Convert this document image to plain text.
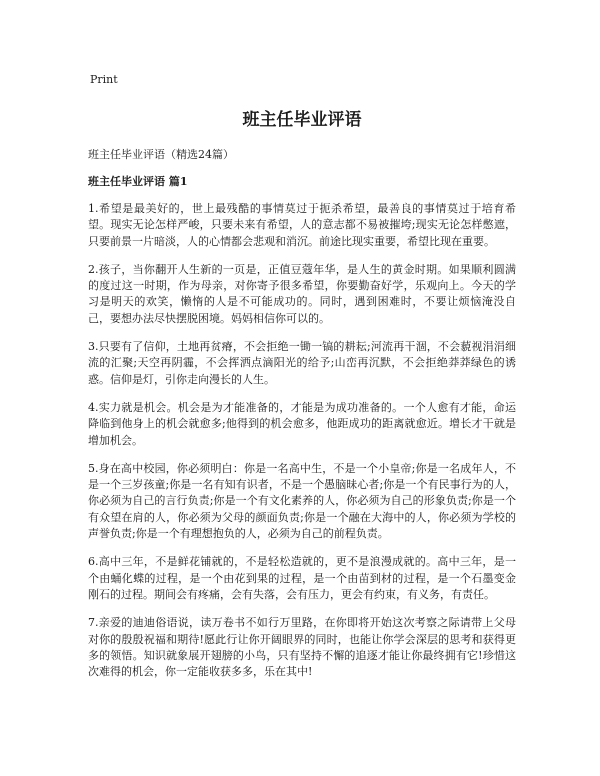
Print
班主任毕业评语
班主任毕业评语（精选24篇）
班主任毕业评语 篇1

1.希望是最美好的，世上最残酷的事情莫过于扼杀希望，最善良的事情莫过于培育希望。现实无论怎样严峻，只要未来有希望，人的意志都不易被摧垮;现实无论怎样憋遮，只要前景一片暗淡，人的心情都会悲观和消沉。前途比现实重要，希望比现在重要。

2.孩子，当你翻开人生新的一页是，正值豆蔻年华，是人生的黄金时期。如果顺利圆满的度过这一时期，作为母亲，对你寄予很多希望，你要勤奋好学，乐观向上。今天的学习是明天的欢笑，懒惰的人是不可能成功的。同时，遇到困难时，不要让烦恼淹没自己，要想办法尽快摆脱困境。妈妈相信你可以的。

3.只要有了信仰，土地再贫瘠，不会拒绝一锄一镐的耕耘;河流再干涸，不会藐视涓涓细流的汇聚;天空再阴霾，不会挥洒点滴阳光的给予;山峦再沉默，不会拒绝莽莽绿色的诱惑。信仰是灯，引你走向漫长的人生。

4.实力就是机会。机会是为才能准备的，才能是为成功准备的。一个人愈有才能，命运降临到他身上的机会就愈多;他得到的机会愈多，他距成功的距离就愈近。增长才干就是增加机会。

5.身在高中校园，你必须明白：你是一名高中生，不是一个小皇帝;你是一名成年人，不是一个三岁孩童;你是一名有知有识者，不是一个愚脑昧心者;你是一个有民事行为的人，你必须为自己的言行负责;你是一个有文化素养的人，你必须为自己的形象负责;你是一个有众望在肩的人，你必须为父母的颜面负责;你是一个融在大海中的人，你必须为学校的声誉负责;你是一个有理想抱负的人，必须为自己的前程负责。

6.高中三年，不是鲜花铺就的，不是轻松造就的，更不是浪漫成就的。高中三年，是一个由蛹化蝶的过程，是一个由花到果的过程，是一个由苗到材的过程，是一个石墨变金刚石的过程。期间会有疼痛，会有失落，会有压力，更会有约束，有义务，有责任。

7.亲爱的迪迪俗语说，读万卷书不如行万里路，在你即将开始这次考察之际请带上父母对你的殷殷祝福和期待!愿此行让你开阔眼界的同时，也能让你学会深层的思考和获得更多的领悟。知识就象展开翅膀的小鸟，只有坚持不懈的追逐才能让你最终拥有它!珍惜这次难得的机会，你一定能收获多多，乐在其中!
